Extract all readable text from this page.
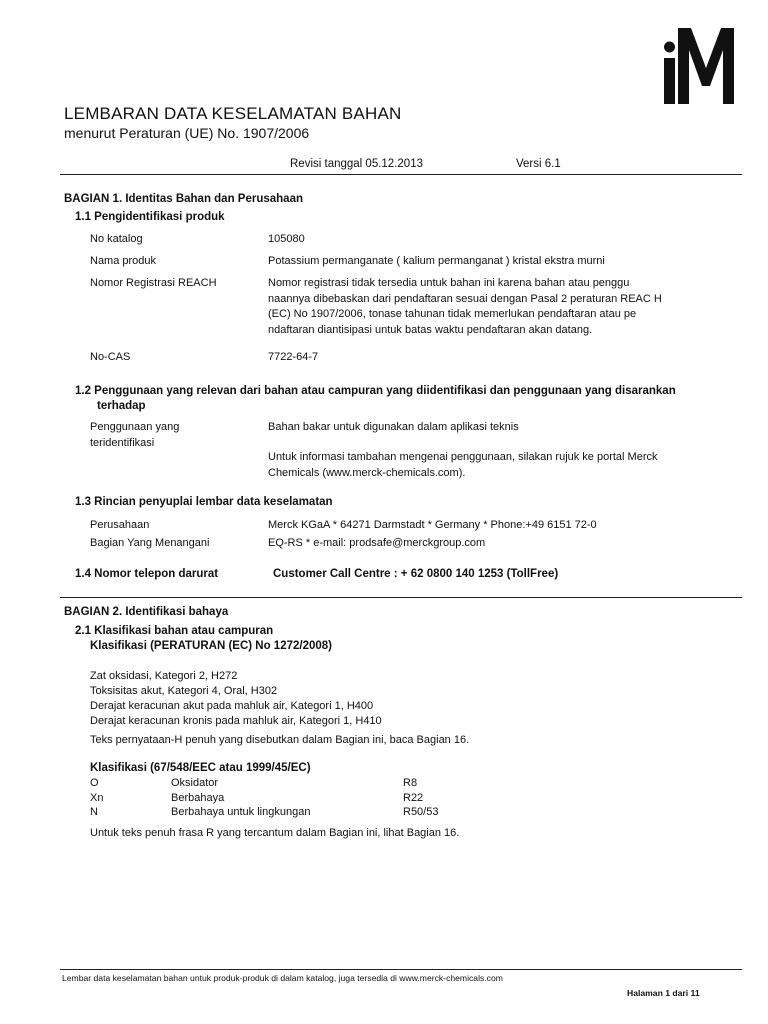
LEMBARAN DATA KESELAMATAN BAHAN
menurut Peraturan (UE) No. 1907/2006
Revisi tanggal 05.12.2013	Versi 6.1
BAGIAN 1. Identitas Bahan dan Perusahaan
1.1 Pengidentifikasi produk
No katalog	105080
Nama produk	Potassium permanganate ( kalium permanganat ) kristal ekstra murni
Nomor Registrasi REACH	Nomor registrasi tidak tersedia untuk bahan ini karena bahan atau penggu naannya dibebaskan dari pendaftaran sesuai dengan Pasal 2 peraturan REAC H (EC) No 1907/2006, tonase tahunan tidak memerlukan pendaftaran atau pe ndaftaran diantisipasi untuk batas waktu pendaftaran akan datang.
No-CAS	7722-64-7
1.2 Penggunaan yang relevan dari bahan atau campuran yang diidentifikasi dan penggunaan yang disarankan
terhadap
Penggunaan yang teridentifikasi
Bahan bakar untuk digunakan dalam aplikasi teknis
Untuk informasi tambahan mengenai penggunaan, silakan rujuk ke portal Merck Chemicals (www.merck-chemicals.com).
1.3 Rincian penyuplai lembar data keselamatan
Perusahaan	Merck KGaA * 64271 Darmstadt * Germany * Phone:+49 6151 72-0
Bagian Yang Menangani	EQ-RS * e-mail: prodsafe@merckgroup.com
1.4 Nomor telepon darurat	Customer Call Centre : + 62 0800 140 1253 (TollFree)
BAGIAN 2. Identifikasi bahaya
2.1 Klasifikasi bahan atau campuran
Klasifikasi (PERATURAN (EC) No 1272/2008)
Zat oksidasi, Kategori 2, H272
Toksisitas akut, Kategori 4, Oral, H302
Derajat keracunan akut pada mahluk air, Kategori 1, H400
Derajat keracunan kronis pada mahluk air, Kategori 1, H410
Teks pernyataan-H penuh yang disebutkan dalam Bagian ini, baca Bagian 16.
Klasifikasi (67/548/EEC atau 1999/45/EC)
O	Oksidator	R8
Xn	Berbahaya	R22
N	Berbahaya untuk lingkungan	R50/53
Untuk teks penuh frasa R yang tercantum dalam Bagian ini, lihat Bagian 16.
Lembar data keselamatan bahan untuk produk-produk di dalam katalog, juga tersedia di www.merck-chemicals.com
Halaman 1 dari 11
